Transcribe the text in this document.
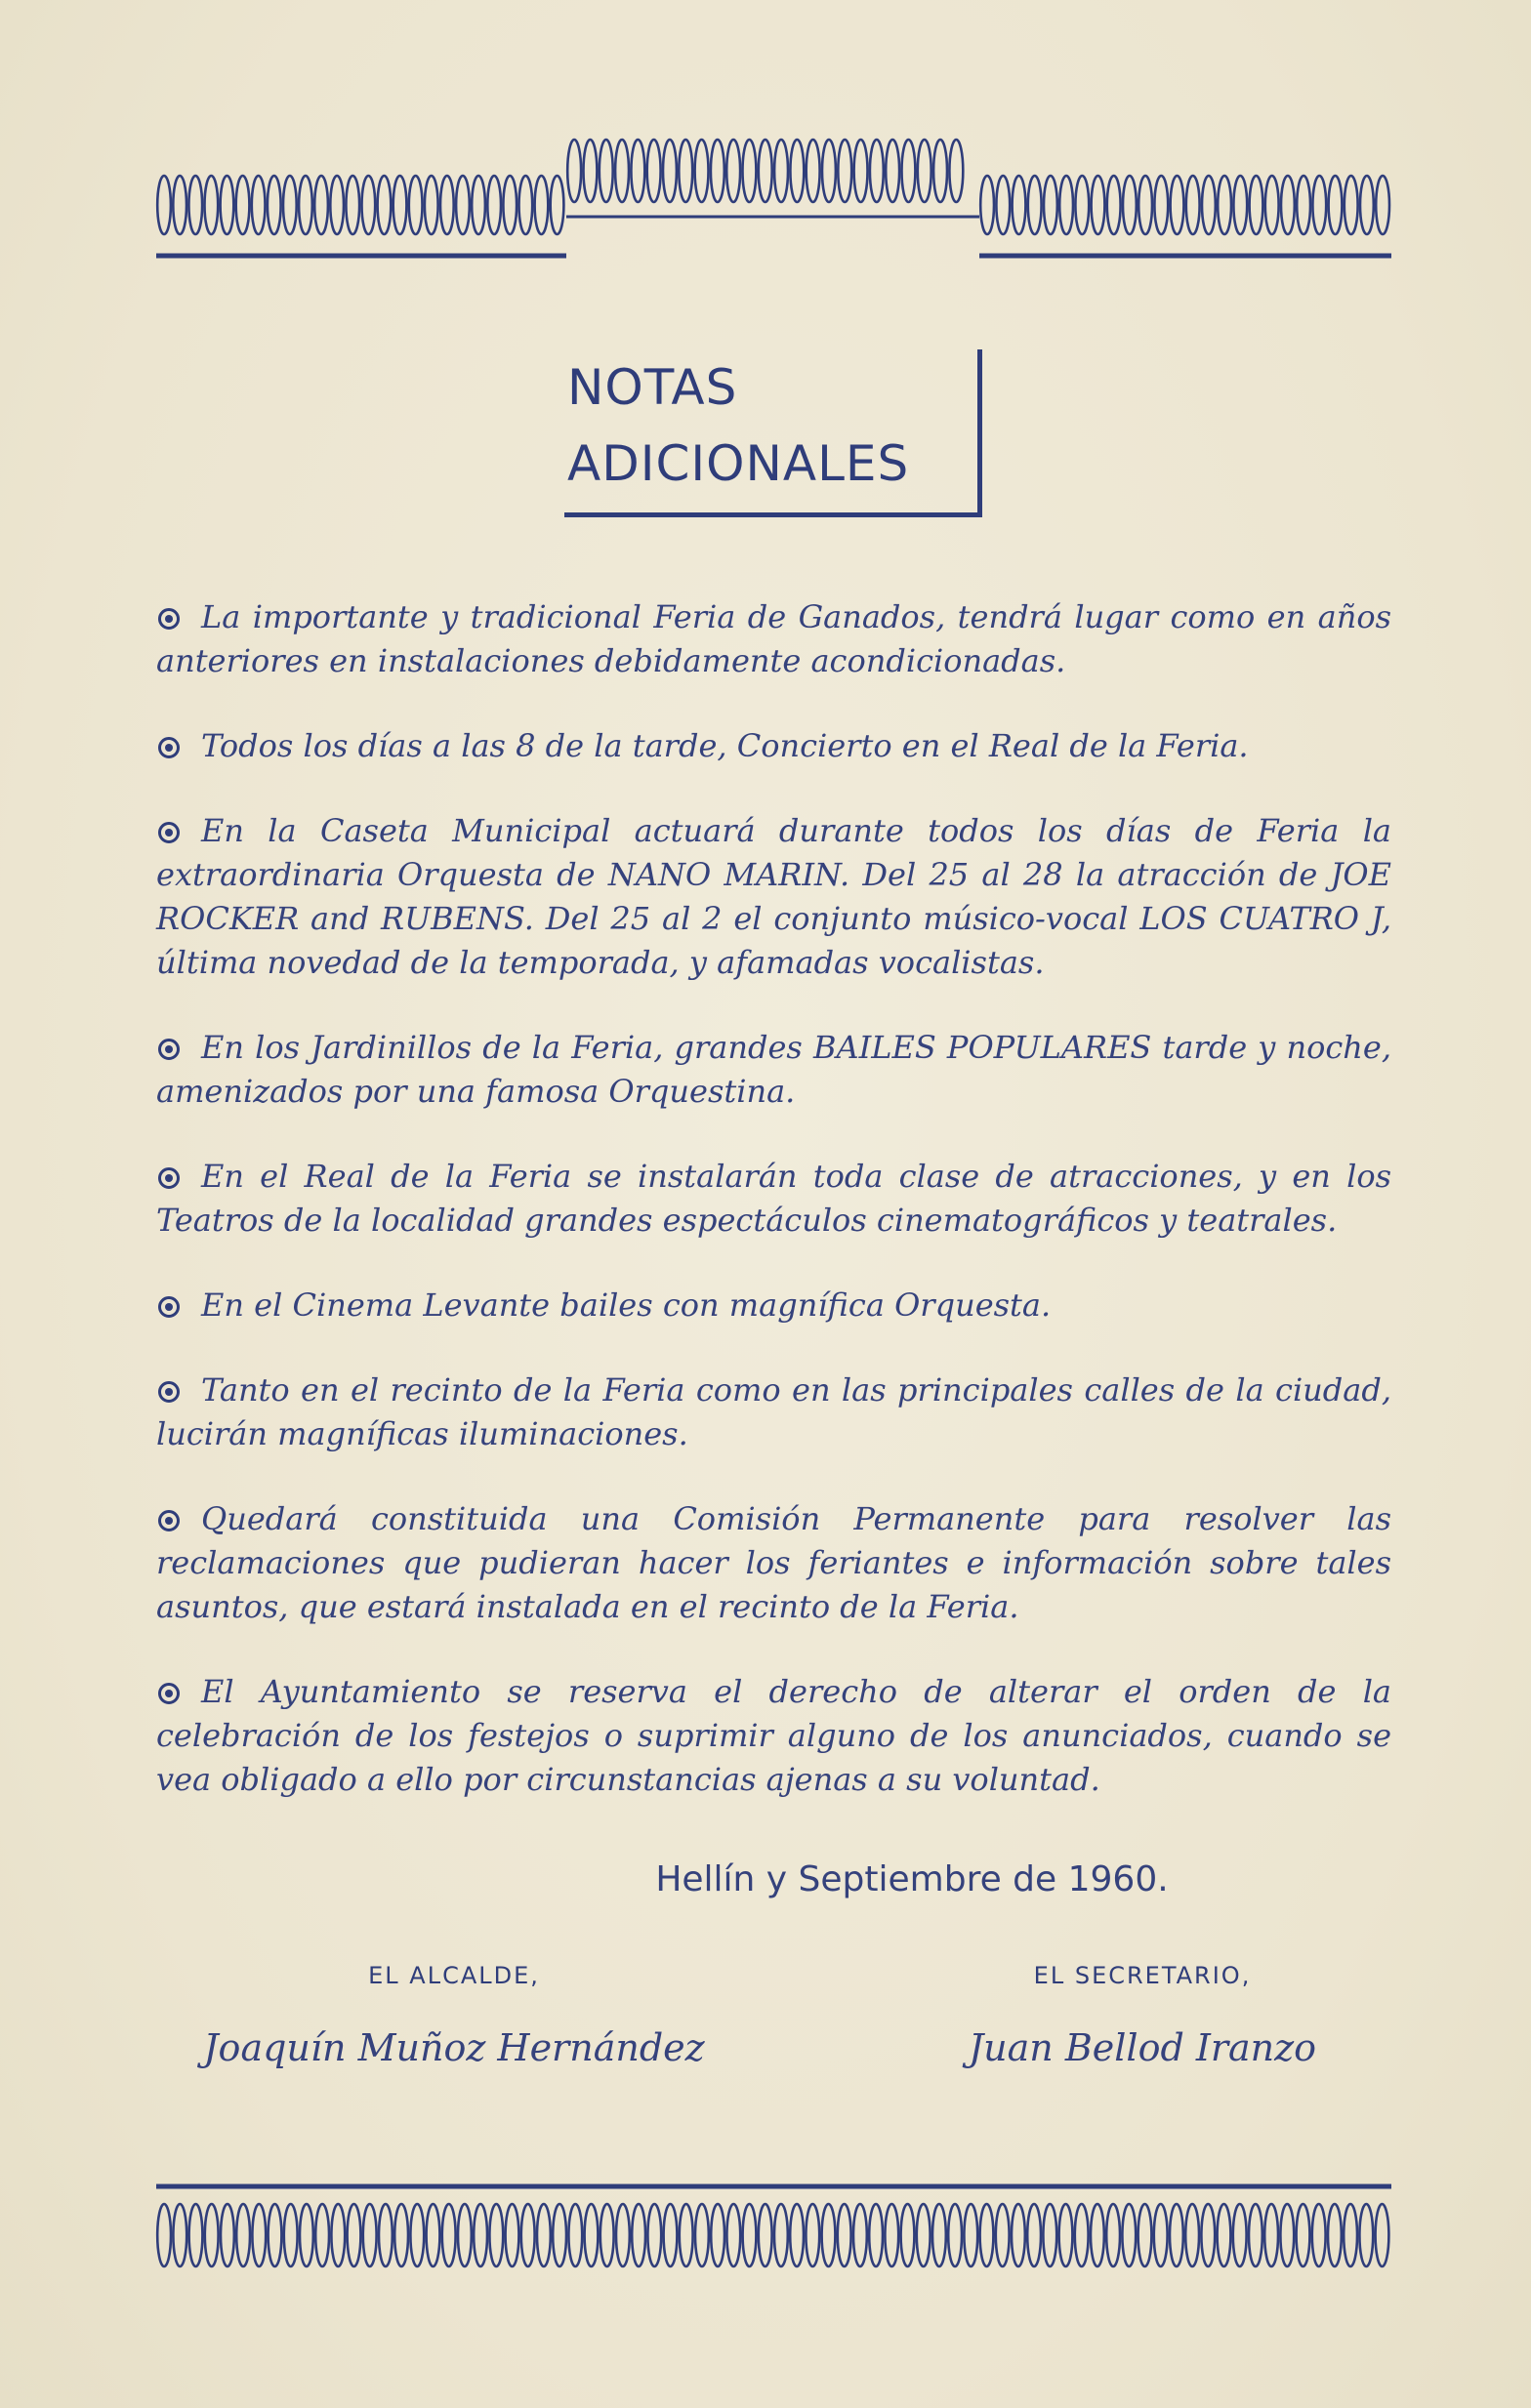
NOTAS
ADICIONALES
La importante y tradicional Feria de Ganados, tendrá lugar como en años anteriores en instalaciones debidamente acondicionadas.
Todos los días a las 8 de la tarde, Concierto en el Real de la Feria.
En la Caseta Municipal actuará durante todos los días de Feria la extraordinaria Orquesta de NANO MARIN. Del 25 al 28 la atracción de JOE ROCKER and RUBENS. Del 25 al 2 el conjunto músico-vocal LOS CUATRO J, última novedad de la temporada, y afamadas vocalistas.
En los Jardinillos de la Feria, grandes BAILES POPULARES tarde y noche, amenizados por una famosa Orquestina.
En el Real de la Feria se instalarán toda clase de atracciones, y en los Teatros de la localidad grandes espectáculos cinematográficos y teatrales.
En el Cinema Levante bailes con magnífica Orquesta.
Tanto en el recinto de la Feria como en las principales calles de la ciudad, lucirán magníficas iluminaciones.
Quedará constituida una Comisión Permanente para resolver las reclamaciones que pudieran hacer los feriantes e información sobre tales asuntos, que estará instalada en el recinto de la Feria.
El Ayuntamiento se reserva el derecho de alterar el orden de la celebración de los festejos o suprimir alguno de los anunciados, cuando se vea obligado a ello por circunstancias ajenas a su voluntad.
Hellín y Septiembre de 1960.
EL ALCALDE,
Joaquín Muñoz Hernández
EL SECRETARIO,
Juan Bellod Iranzo
